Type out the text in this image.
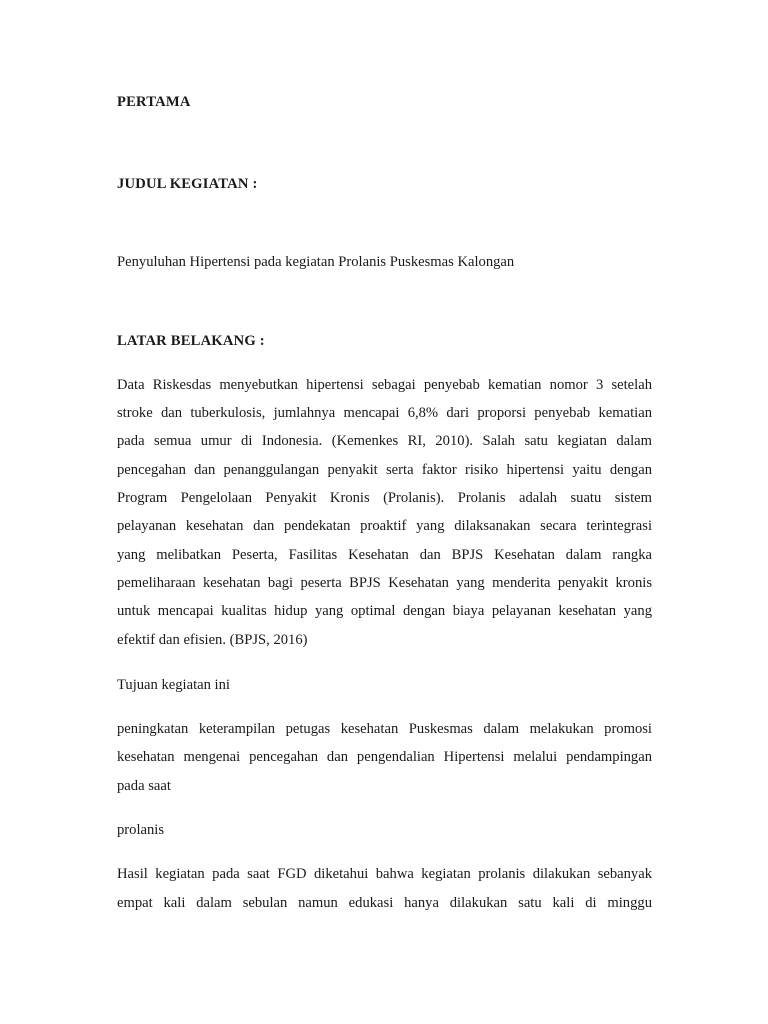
PERTAMA
JUDUL KEGIATAN :
Penyuluhan Hipertensi pada kegiatan Prolanis Puskesmas Kalongan
LATAR BELAKANG :
Data Riskesdas menyebutkan hipertensi sebagai penyebab kematian nomor 3 setelah
stroke dan tuberkulosis, jumlahnya mencapai 6,8% dari proporsi penyebab kematian
pada semua umur di Indonesia. (Kemenkes RI, 2010). Salah satu kegiatan dalam
pencegahan dan penanggulangan penyakit serta faktor risiko hipertensi yaitu dengan
Program Pengelolaan Penyakit Kronis (Prolanis). Prolanis adalah suatu sistem
pelayanan kesehatan dan pendekatan proaktif yang dilaksanakan secara terintegrasi
yang melibatkan Peserta, Fasilitas Kesehatan dan BPJS Kesehatan dalam rangka
pemeliharaan kesehatan bagi peserta BPJS Kesehatan yang menderita penyakit kronis
untuk mencapai kualitas hidup yang optimal dengan biaya pelayanan kesehatan yang
efektif dan efisien. (BPJS, 2016)
Tujuan kegiatan ini
peningkatan keterampilan petugas kesehatan Puskesmas dalam melakukan promosi
kesehatan mengenai pencegahan dan pengendalian Hipertensi melalui pendampingan
pada saat
prolanis
Hasil kegiatan pada saat FGD diketahui bahwa kegiatan prolanis dilakukan sebanyak
empat kali dalam sebulan namun edukasi hanya dilakukan satu kali di minggu
